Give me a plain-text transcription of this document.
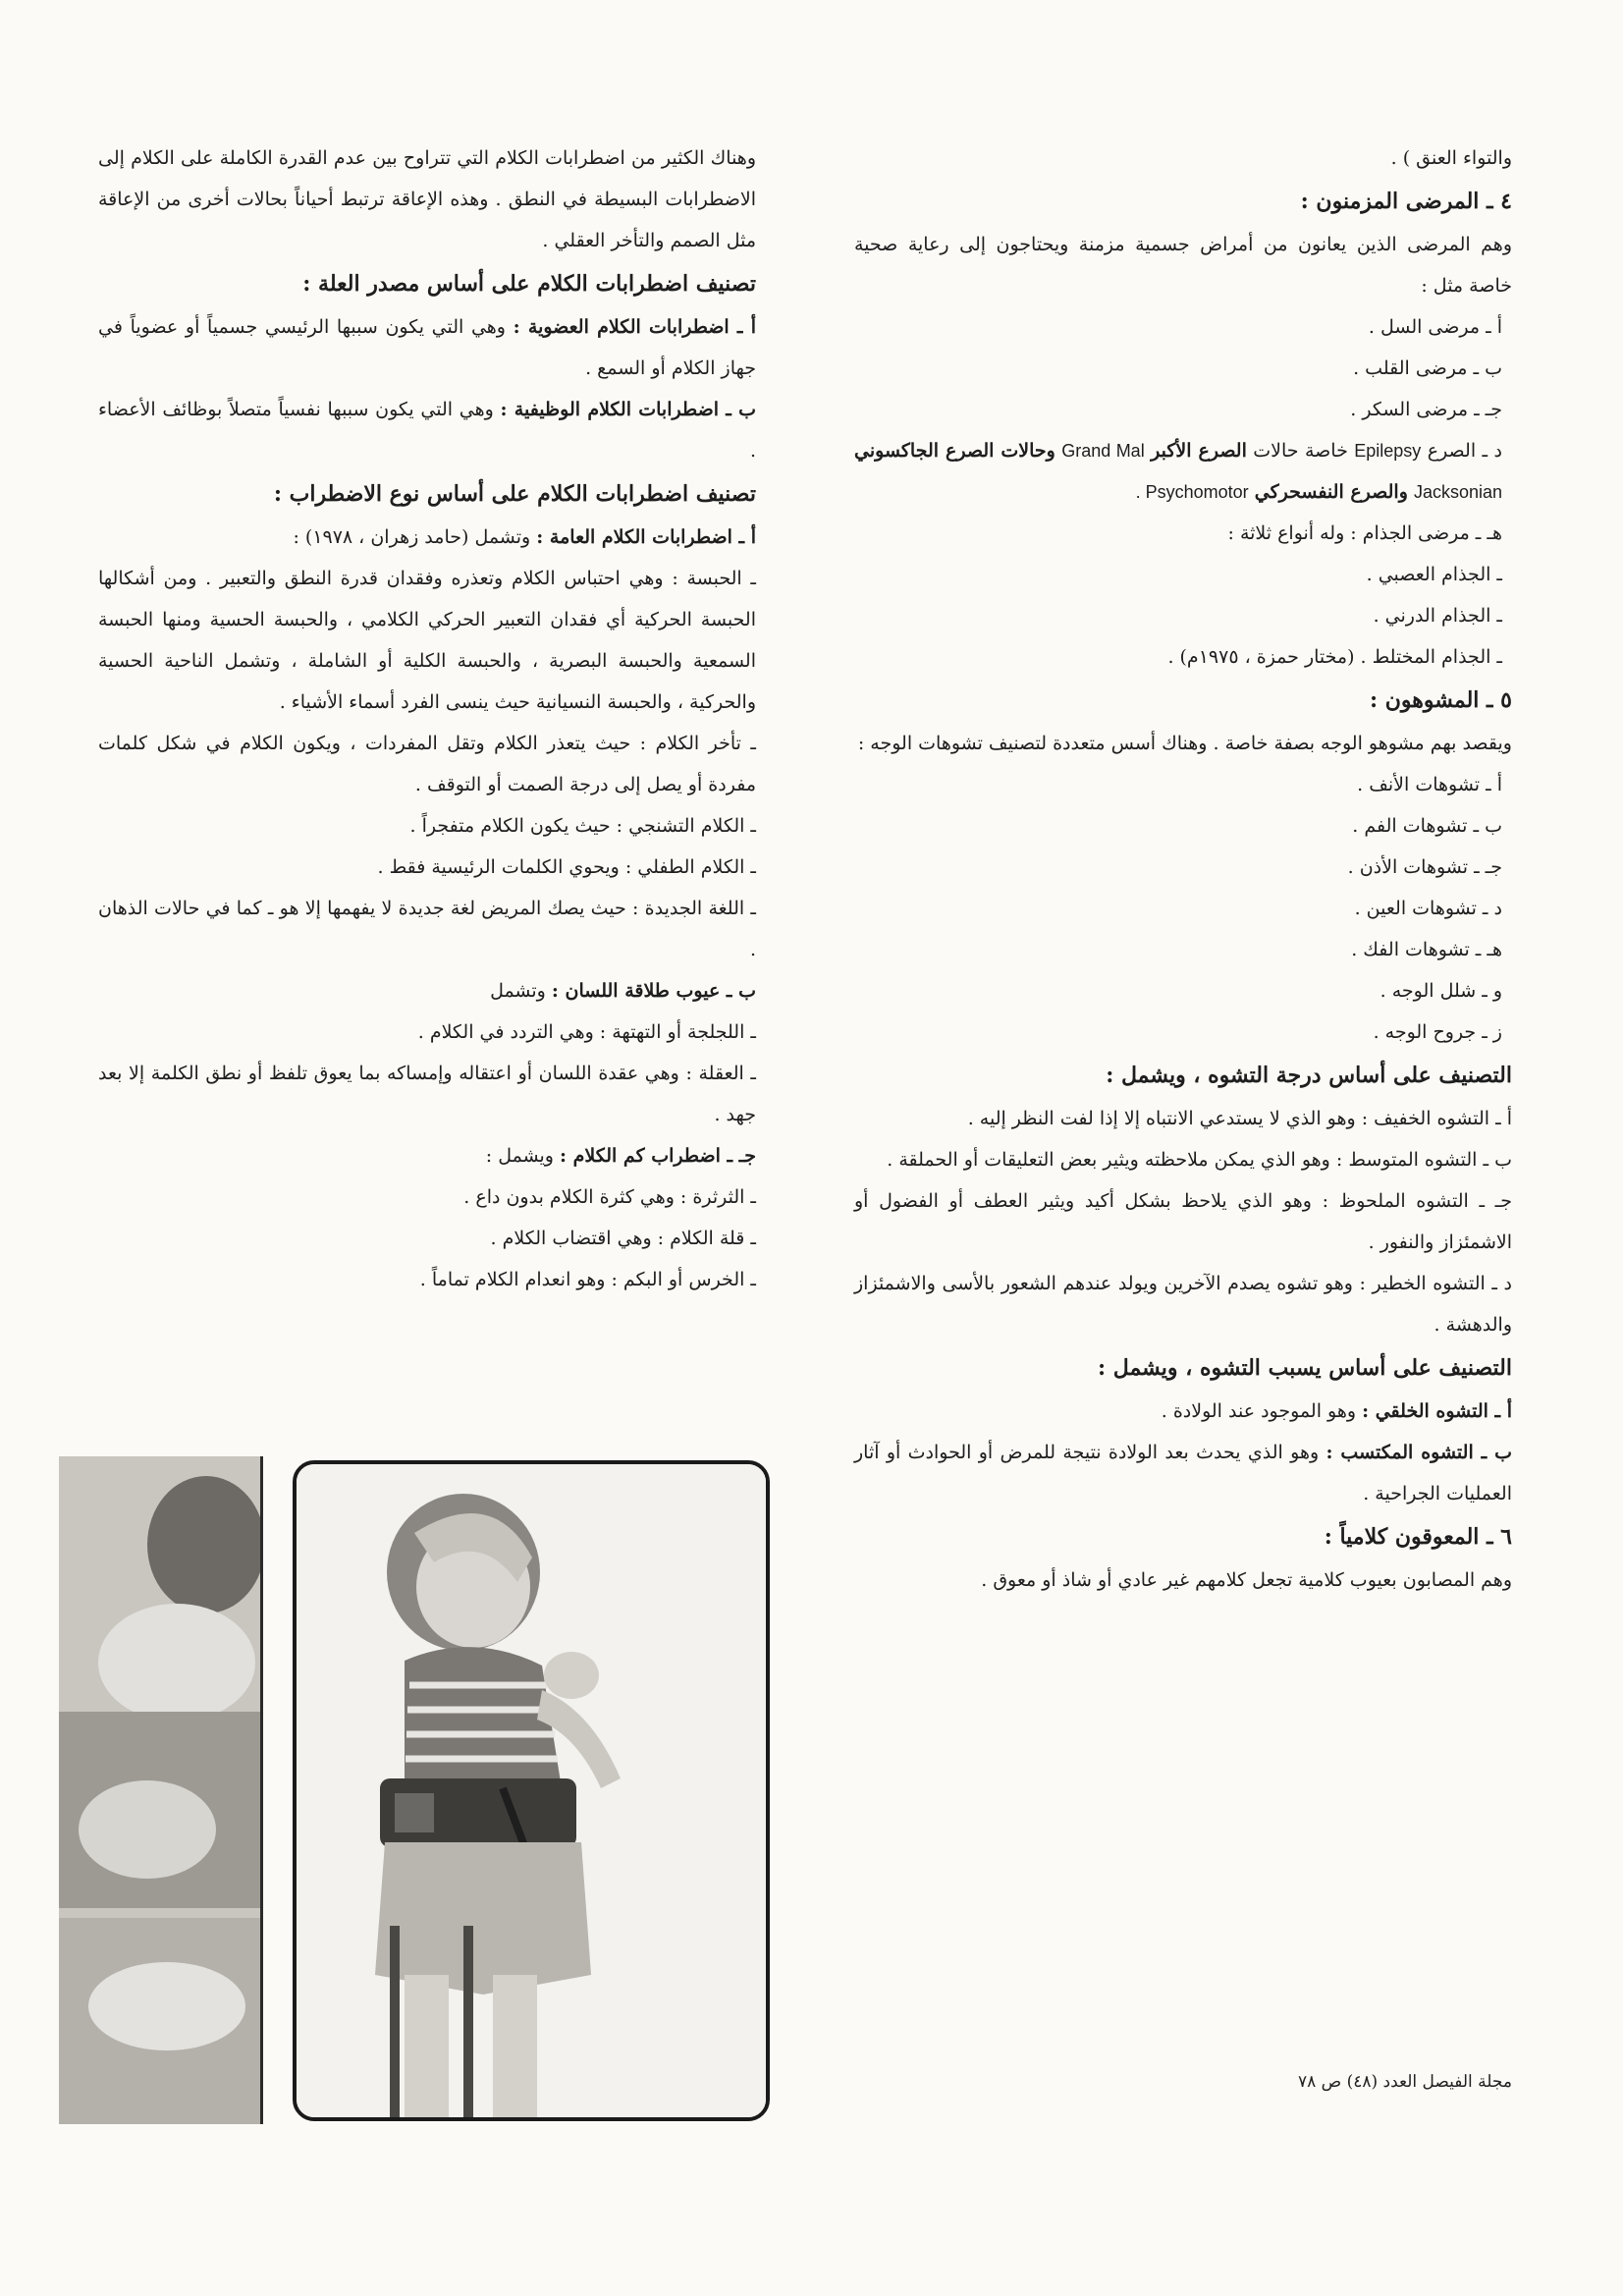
والتواء العنق ) .

٤ ـ المرضى المزمنون :

وهم المرضى الذين يعانون من أمراض جسمية مزمنة ويحتاجون إلى رعاية صحية خاصة مثل :

أ ـ مرضى السل .

ب ـ مرضى القلب .

جـ ـ مرضى السكر .

د ـ الصرع Epilepsy خاصة حالات الصرع الأكبر Grand Mal وحالات الصرع الجاكسوني Jacksonian والصرع النفسحركي Psychomotor .

هـ ـ مرضى الجذام : وله أنواع ثلاثة :

ـ الجذام العصبي .

ـ الجذام الدرني .

ـ الجذام المختلط . (مختار حمزة ، ١٩٧٥م) .

٥ ـ المشوهون :

ويقصد بهم مشوهو الوجه بصفة خاصة . وهناك أسس متعددة لتصنيف تشوهات الوجه :

أ ـ تشوهات الأنف .

ب ـ تشوهات الفم .

جـ ـ تشوهات الأذن .

د ـ تشوهات العين .

هـ ـ تشوهات الفك .

و ـ شلل الوجه .

ز ـ جروح الوجه .

التصنيف على أساس درجة التشوه ، ويشمل :

أ ـ التشوه الخفيف : وهو الذي لا يستدعي الانتباه إلا إذا لفت النظر إليه .

ب ـ التشوه المتوسط : وهو الذي يمكن ملاحظته ويثير بعض التعليقات أو الحملقة .

جـ ـ التشوه الملحوظ : وهو الذي يلاحظ بشكل أكيد ويثير العطف أو الفضول أو الاشمئزاز والنفور .

د ـ التشوه الخطير : وهو تشوه يصدم الآخرين ويولد عندهم الشعور بالأسى والاشمئزاز والدهشة .

التصنيف على أساس يسبب التشوه ، ويشمل :

أ ـ التشوه الخلقي : وهو الموجود عند الولادة .

ب ـ التشوه المكتسب : وهو الذي يحدث بعد الولادة نتيجة للمرض أو الحوادث أو آثار العمليات الجراحية .

٦ ـ المعوقون كلامياً :

وهم المصابون بعيوب كلامية تجعل كلامهم غير عادي أو شاذ أو معوق .

وهناك الكثير من اضطرابات الكلام التي تتراوح بين عدم القدرة الكاملة على الكلام إلى الاضطرابات البسيطة في النطق . وهذه الإعاقة ترتبط أحياناً بحالات أخرى من الإعاقة مثل الصمم والتأخر العقلي .

تصنيف اضطرابات الكلام على أساس مصدر العلة :

أ ـ اضطرابات الكلام العضوية : وهي التي يكون سببها الرئيسي جسمياً أو عضوياً في جهاز الكلام أو السمع .

ب ـ اضطرابات الكلام الوظيفية : وهي التي يكون سببها نفسياً متصلاً بوظائف الأعضاء .

تصنيف اضطرابات الكلام على أساس نوع الاضطراب :

أ ـ اضطرابات الكلام العامة : وتشمل (حامد زهران ، ١٩٧٨) :

ـ الحبسة : وهي احتباس الكلام وتعذره وفقدان قدرة النطق والتعبير . ومن أشكالها الحبسة الحركية أي فقدان التعبير الحركي الكلامي ، والحبسة الحسية ومنها الحبسة السمعية والحبسة البصرية ، والحبسة الكلية أو الشاملة ، وتشمل الناحية الحسية والحركية ، والحبسة النسيانية حيث ينسى الفرد أسماء الأشياء .

ـ تأخر الكلام : حيث يتعذر الكلام وتقل المفردات ، ويكون الكلام في شكل كلمات مفردة أو يصل إلى درجة الصمت أو التوقف .

ـ الكلام التشنجي : حيث يكون الكلام متفجراً .

ـ الكلام الطفلي : ويحوي الكلمات الرئيسية فقط .

ـ اللغة الجديدة : حيث يصك المريض لغة جديدة لا يفهمها إلا هو ـ كما في حالات الذهان .

ب ـ عيوب طلاقة اللسان : وتشمل

ـ اللجلجة أو التهتهة : وهي التردد في الكلام .

ـ العقلة : وهي عقدة اللسان أو اعتقاله وإمساكه بما يعوق تلفظ أو نطق الكلمة إلا بعد جهد .

جـ ـ اضطراب كم الكلام : ويشمل :

ـ الثرثرة : وهي كثرة الكلام بدون داع .

ـ قلة الكلام : وهي اقتضاب الكلام .

ـ الخرس أو البكم : وهو انعدام الكلام تماماً .

مجلة الفيصل العدد (٤٨) ص ٧٨
